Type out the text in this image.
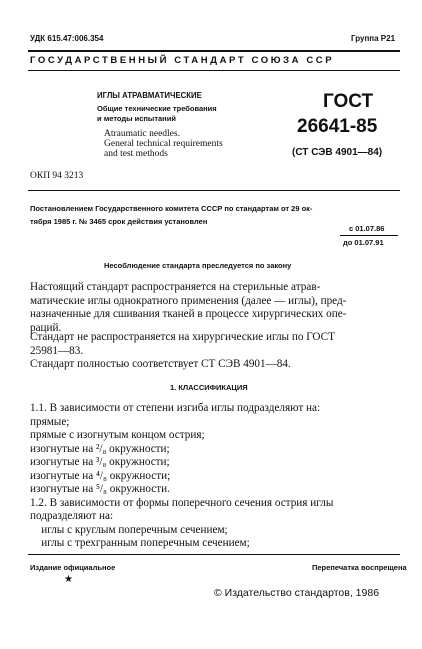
УДК 615.47:006.354	Группа Р21
ГОСУДАРСТВЕННЫЙ СТАНДАРТ СОЮЗА ССР
ИГЛЫ АТРАВМАТИЧЕСКИЕ
Общие технические требования
и методы испытаний
Atraumatic needles.
General technical requirements
and test methods
ГОСТ
26641-85
(СТ СЭВ 4901—84)
ОКП 94 3213
Постановлением Государственного комитета СССР по стандартам от 29 ок-
тября 1985 г. № 3465 срок действия установлен
с 01.07.86
до 01.07.91
Несоблюдение стандарта преследуется по закону
Настоящий стандарт распространяется на стерильные атрав-
матические иглы однократного применения (далее — иглы), пред-
назначенные для сшивания тканей в процессе хирургических опе-
раций.
Стандарт не распространяется на хирургические иглы по ГОСТ
25981—83.
Стандарт полностью соответствует СТ СЭВ 4901—84.
1. КЛАССИФИКАЦИЯ
1.1. В зависимости от степени изгиба иглы подразделяют на:
прямые;
прямые с изогнутым концом острия;
изогнутые на ²/₈ окружности;
изогнутые на ³/₈ окружности;
изогнутые на ⁴/₈ окружности;
изогнутые на ⁵/₈ окружности.
1.2. В зависимости от формы поперечного сечения острия иглы
подразделяют на:
иглы с круглым поперечным сечением;
иглы с трехгранным поперечным сечением;
Издание официальное	Перепечатка воспрещена
★
© Издательство стандартов, 1986
